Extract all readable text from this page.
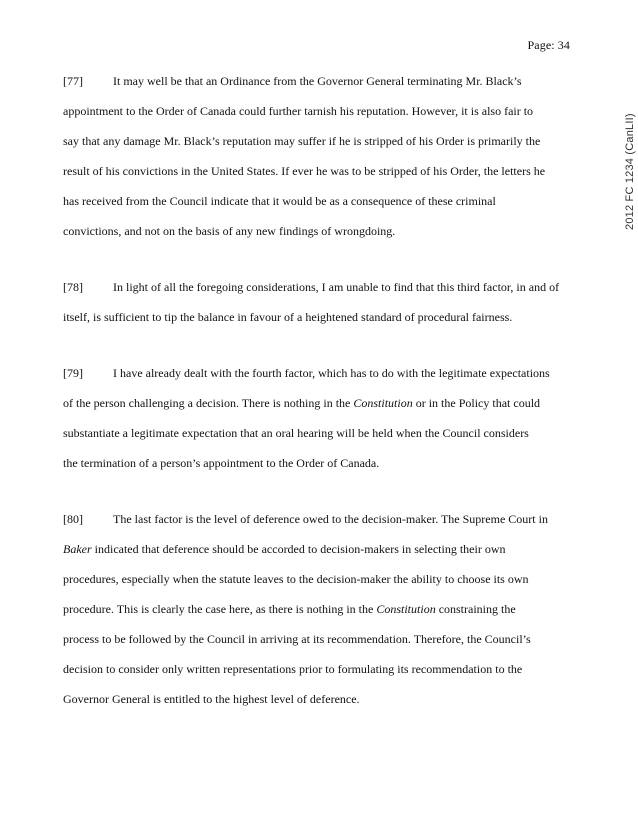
Page: 34
2012 FC 1234 (CanLII)
[77]	It may well be that an Ordinance from the Governor General terminating Mr. Black’s
appointment to the Order of Canada could further tarnish his reputation. However, it is also fair to
say that any damage Mr. Black’s reputation may suffer if he is stripped of his Order is primarily the
result of his convictions in the United States. If ever he was to be stripped of his Order, the letters he
has received from the Council indicate that it would be as a consequence of these criminal
convictions, and not on the basis of any new findings of wrongdoing.
[78]	In light of all the foregoing considerations, I am unable to find that this third factor, in and of
itself, is sufficient to tip the balance in favour of a heightened standard of procedural fairness.
[79]	I have already dealt with the fourth factor, which has to do with the legitimate expectations
of the person challenging a decision. There is nothing in the Constitution or in the Policy that could
substantiate a legitimate expectation that an oral hearing will be held when the Council considers
the termination of a person’s appointment to the Order of Canada.
[80]	The last factor is the level of deference owed to the decision-maker. The Supreme Court in
Baker indicated that deference should be accorded to decision-makers in selecting their own
procedures, especially when the statute leaves to the decision-maker the ability to choose its own
procedure. This is clearly the case here, as there is nothing in the Constitution constraining the
process to be followed by the Council in arriving at its recommendation. Therefore, the Council’s
decision to consider only written representations prior to formulating its recommendation to the
Governor General is entitled to the highest level of deference.
